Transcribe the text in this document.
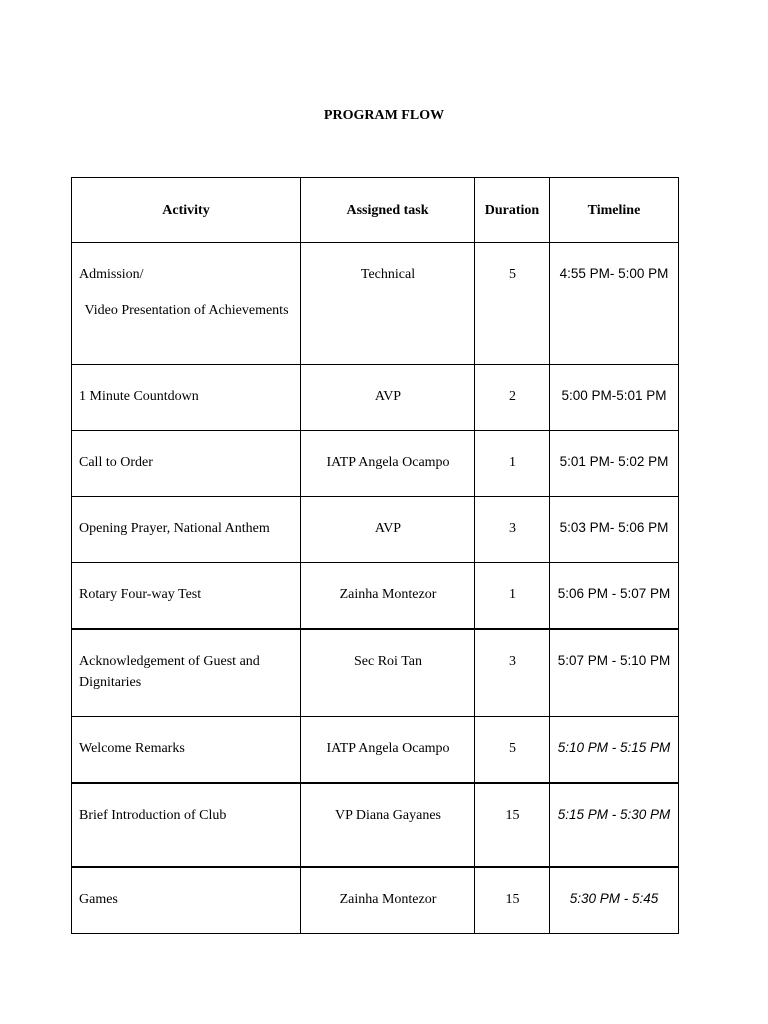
PROGRAM FLOW
Activity	Assigned task	Duration	Timeline

Admission/
Video Presentation of Achievements	Technical	5	4:55 PM- 5:00 PM

1 Minute Countdown	AVP	2	5:00 PM-5:01 PM

Call to Order	IATP Angela Ocampo	1	5:01 PM- 5:02 PM

Opening Prayer, National Anthem	AVP	3	5:03 PM- 5:06 PM

Rotary Four-way Test	Zainha Montezor	1	5:06 PM - 5:07 PM

Acknowledgement of Guest and Dignitaries	Sec Roi Tan	3	5:07 PM - 5:10 PM

Welcome Remarks	IATP Angela Ocampo	5	5:10 PM - 5:15 PM

Brief Introduction of Club	VP Diana Gayanes	15	5:15 PM - 5:30 PM

Games	Zainha Montezor	15	5:30 PM - 5:45
